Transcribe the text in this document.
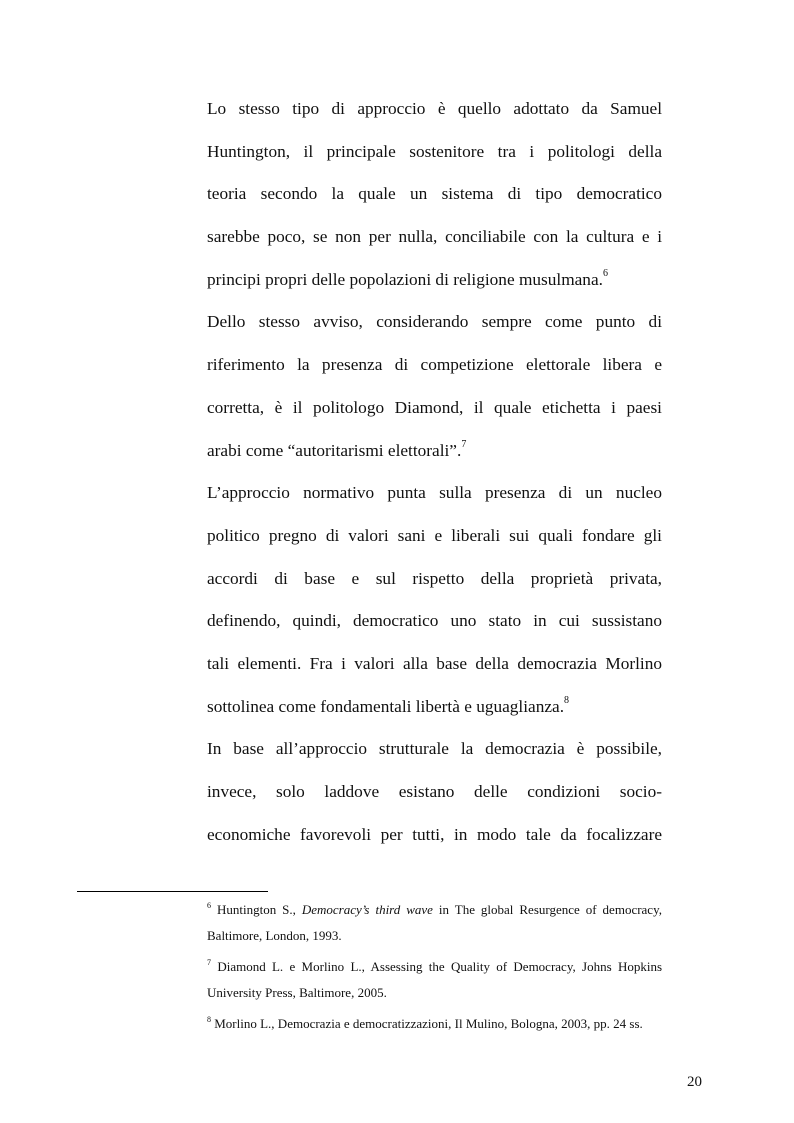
Lo stesso tipo di approccio è quello adottato da Samuel
Huntington, il principale sostenitore tra i politologi della
teoria secondo la quale un sistema di tipo democratico
sarebbe poco, se non per nulla, conciliabile con la cultura e i
principi propri delle popolazioni di religione musulmana.$^6$

Dello stesso avviso, considerando sempre come punto di
riferimento la presenza di competizione elettorale libera e
corretta, è il politologo Diamond, il quale etichetta i paesi
arabi come “autoritarismi elettorali”.$^7$

L’approccio normativo punta sulla presenza di un nucleo
politico pregno di valori sani e liberali sui quali fondare gli
accordi di base e sul rispetto della proprietà privata,
definendo, quindi, democratico uno stato in cui sussistano
tali elementi. Fra i valori alla base della democrazia Morlino
sottolinea come fondamentali libertà e uguaglianza.$^8$

In base all’approccio strutturale la democrazia è possibile,
invece, solo laddove esistano delle condizioni socio-
economiche favorevoli per tutti, in modo tale da focalizzare

$^6$ Huntington S., Democracy’s third wave in The global Resurgence of democracy,
Baltimore, London, 1993.
$^7$ Diamond L. e Morlino L., Assessing the Quality of Democracy, Johns Hopkins
University Press, Baltimore, 2005.
$^8$ Morlino L., Democrazia e democratizzazioni, Il Mulino, Bologna, 2003, pp. 24 ss.
20
